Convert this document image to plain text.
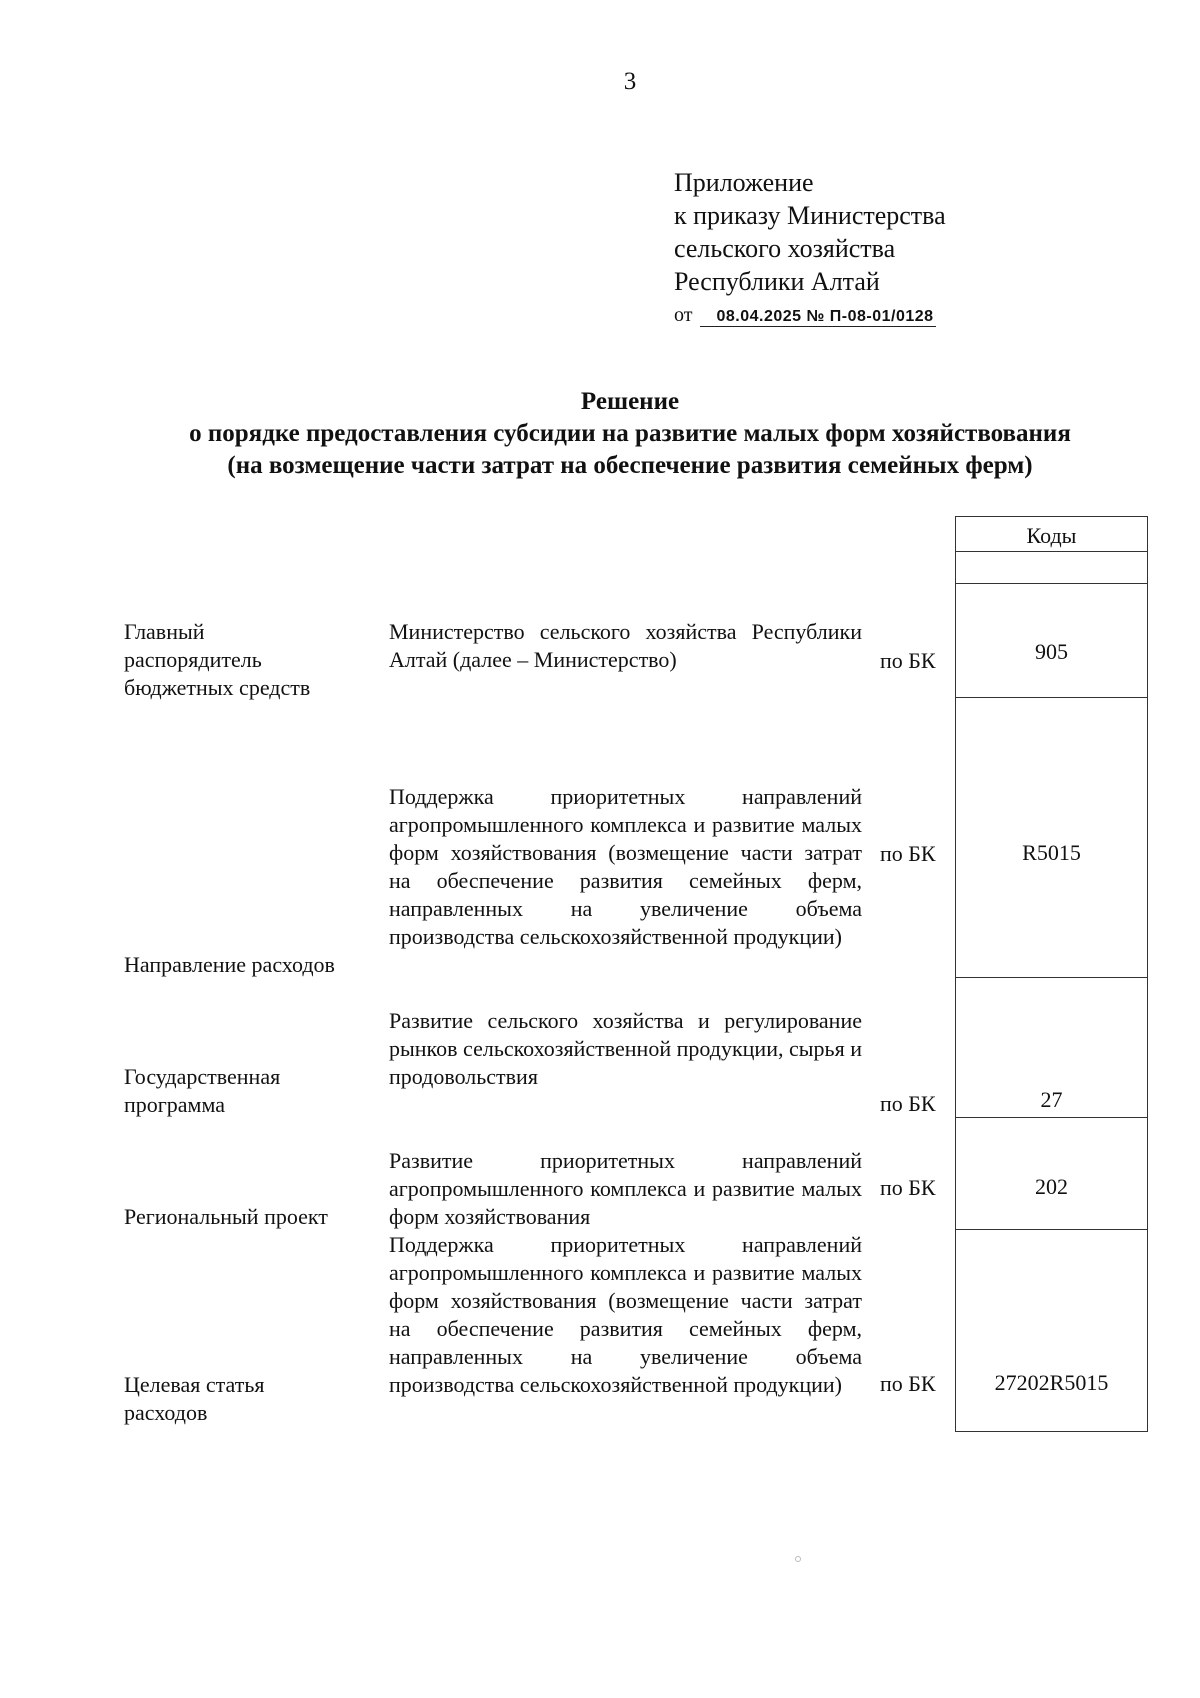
3
Приложение
к приказу Министерства
сельского хозяйства
Республики Алтай
от 08.04.2025 № П-08-01/0128
Решение
о порядке предоставления субсидии на развитие малых форм хозяйствования
(на возмещение части затрат на обеспечение развития семейных ферм)
Коды
905
R5015
27
202
27202R5015
Главный
распорядитель
бюджетных средств
Министерство сельского хозяйства Республики Алтай (далее – Министерство)	по БК
Направление расходов
Поддержка приоритетных направлений агропромышленного комплекса и развитие малых форм хозяйствования (возмещение части затрат на обеспечение развития семейных ферм, направленных на увеличение объема производства сельскохозяйственной продукции)
по БК
Государственная
программа
Развитие сельского хозяйства и регулирование рынков сельскохозяйственной продукции, сырья и продовольствия
по БК
Региональный проект
Развитие приоритетных направлений агропромышленного комплекса и развитие малых форм хозяйствования
по БК
Целевая статья
расходов
Поддержка приоритетных направлений агропромышленного комплекса и развитие малых форм хозяйствования (возмещение части затрат на обеспечение развития семейных ферм, направленных на увеличение объема производства сельскохозяйственной продукции)	по БК
